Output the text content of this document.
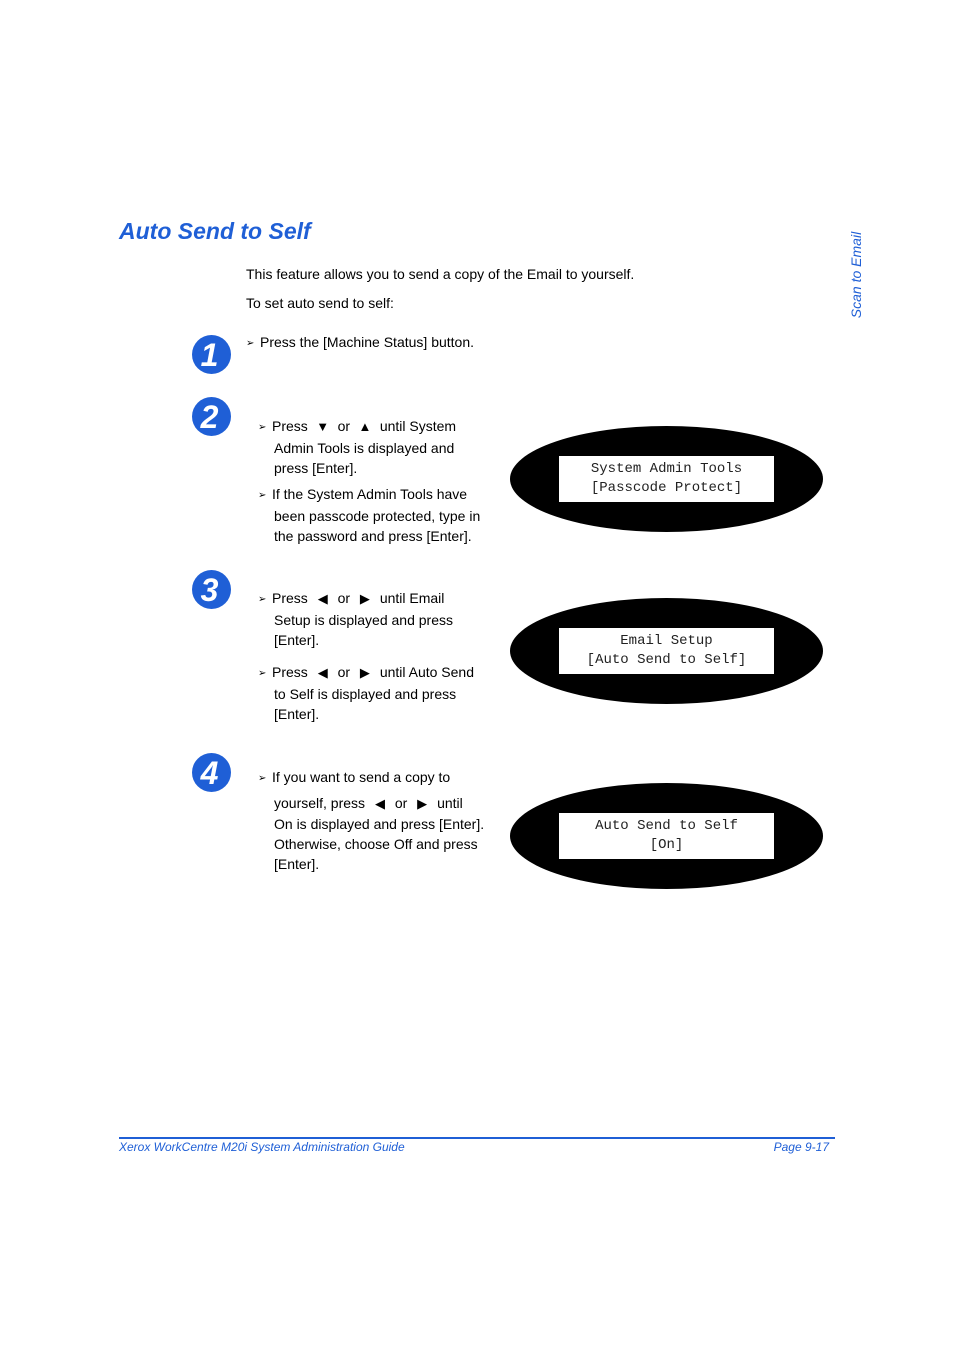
Auto Send to Self
Scan to Email
This feature allows you to send a copy of the Email to yourself.
To set auto send to self:
1	➢ Press the [Machine Status] button.
2	➢ Press ▼ or ▲ until System
Admin Tools is displayed and
press [Enter].
➢ If the System Admin Tools have
been passcode protected, type in
the password and press [Enter].
System Admin Tools
[Passcode Protect]
3	➢ Press ◀ or ▶ until Email
Setup is displayed and press
[Enter].
➢ Press ◀ or ▶ until Auto Send
to Self is displayed and press
[Enter].
Email Setup
[Auto Send to Self]
4	➢ If you want to send a copy to
yourself, press ◀ or ▶ until
On is displayed and press [Enter].
Otherwise, choose Off and press
[Enter].
Auto Send to Self
[On]
Xerox WorkCentre M20i System Administration Guide	Page 9-17
